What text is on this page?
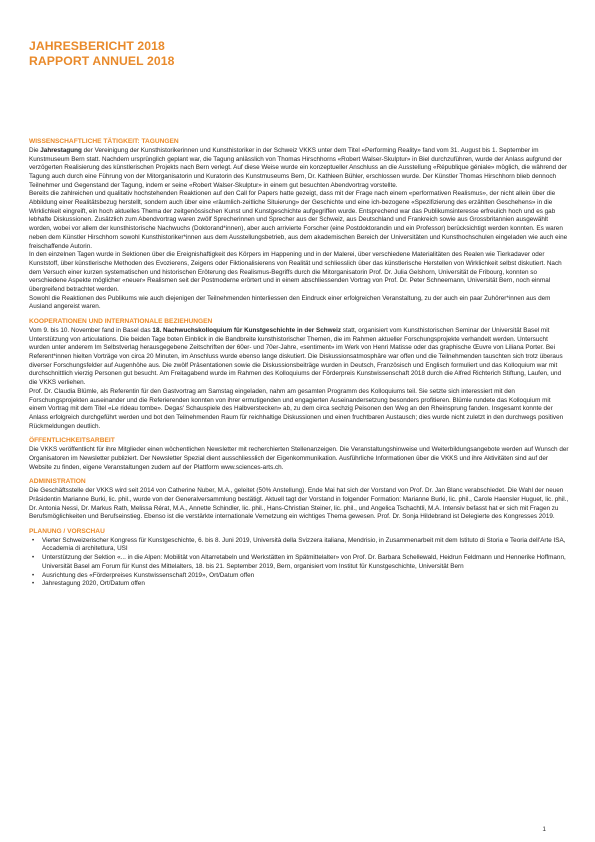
JAHRESBERICHT 2018
RAPPORT ANNUEL 2018
WISSENSCHAFTLICHE TÄTIGKEIT: TAGUNGEN

Die Jahrestagung der Vereinigung der Kunsthistorikerinnen und Kunsthistoriker in der Schweiz VKKS unter dem Titel «Performing Reality» fand vom 31. August bis 1. September im Kunstmuseum Bern statt. Nachdem ursprünglich geplant war, die Tagung anlässlich von Thomas Hirschhorns «Robert Walser-Skulptur» in Biel durchzuführen, wurde der Anlass aufgrund der verzögerten Realisierung des künstlerischen Projekts nach Bern verlegt. Auf diese Weise wurde ein konzeptueller Anschluss an die Ausstellung «République géniale» möglich, die während der Tagung auch durch eine Führung von der Mitorganisatorin und Kuratorin des Kunstmuseums Bern, Dr. Kathleen Bühler, erschlossen wurde. Der Künstler Thomas Hirschhorn blieb dennoch Teilnehmer und Gegenstand der Tagung, indem er seine «Robert Walser-Skulptur» in einem gut besuchten Abendvortrag vorstellte.

Bereits die zahlreichen und qualitativ hochstehenden Reaktionen auf den Call for Papers hatte gezeigt, dass mit der Frage nach einem «performativen Realismus», der nicht allein über die Abbildung einer Realitätsbezug herstellt, sondern auch über eine «räumlich-zeitliche Situierung» der Geschichte und eine ich-bezogene «Spezifizierung des erzählten Geschehens» in die Wirklichkeit eingreift, ein hoch aktuelles Thema der zeitgenössischen Kunst und Kunstgeschichte aufgegriffen wurde. Entsprechend war das Publikumsinteresse erfreulich hoch und es gab lebhafte Diskussionen. Zusätzlich zum Abendvortrag waren zwölf Sprecherinnen und Sprecher aus der Schweiz, aus Deutschland und Frankreich sowie aus Grossbritannien ausgewählt worden, wobei vor allem der kunsthistorische Nachwuchs (Doktorand*innen), aber auch arrivierte Forscher (eine Postdoktorandin und ein Professor) berücksichtigt werden konnten. Es waren neben dem Künstler Hirschhorn sowohl Kunsthistoriker*innen aus dem Ausstellungsbetrieb, aus dem akademischen Bereich der Universitäten und Kunsthochschulen eingeladen wie auch eine freischaffende Autorin.

In den einzelnen Tagen wurde in Sektionen über die Ereignishaftigkeit des Körpers im Happening und in der Malerei, über verschiedene Materialitäten des Realen wie Tierkadaver oder Kunststoff, über künstlerische Methoden des Evozierens, Zeigens oder Fiktionalisierens von Realität und schliesslich über das künstlerische Herstellen von Wirklichkeit selbst diskutiert. Nach dem Versuch einer kurzen systematischen und historischen Eröterung des Realismus-Begriffs durch die Mitorganisatorin Prof. Dr. Julia Gelshorn, Universität de Fribourg, konnten so verschiedene Aspekte möglicher «neuer» Realismen seit der Postmoderne erörtert und in einem abschliessenden Vortrag von Prof. Dr. Peter Schneemann, Universität Bern, noch einmal übergreifend betrachtet werden.

Sowohl die Reaktionen des Publikums wie auch diejenigen der Teilnehmenden hinterliessen den Eindruck einer erfolgreichen Veranstaltung, zu der auch ein paar Zuhörer*innen aus dem Ausland angereist waren.

KOOPERATIONEN UND INTERNATIONALE BEZIEHUNGEN

Vom 9. bis 10. November fand in Basel das 18. Nachwuchskolloquium für Kunstgeschichte in der Schweiz statt, organisiert vom Kunsthistorischen Seminar der Universität Basel mit Unterstützung von articulations. Die beiden Tage boten Einblick in die Bandbreite kunsthistorischer Themen, die im Rahmen aktueller Forschungsprojekte verhandelt werden. Untersucht wurden unter anderem Im Selbstverlag herausgegebene Zeitschriften der 60er- und 70er-Jahre, «sentiment» im Werk von Henri Matisse oder das graphische Œuvre von Liliana Porter. Bei Referent*innen hielten Vorträge von circa 20 Minuten, im Anschluss wurde ebenso lange diskutiert. Die Diskussionsatmosphäre war offen und die Teilnehmenden tauschten sich trotz überaus diverser Forschungsfelder auf Augenhöhe aus. Die zwölf Präsentationen sowie die Diskussionsbeiträge wurden in Deutsch, Französisch und Englisch formuliert und das Kolloquium war mit durchschnittlich vierzig Personen gut besucht. Am Freitagabend wurde im Rahmen des Kolloquiums der Förderpreis Kunstwissenschaft 2018 durch die Alfred Richterich Stiftung, Laufen, und die VKKS verliehen.

Prof. Dr. Claudia Blümle, als Referentin für den Gastvortrag am Samstag eingeladen, nahm am gesamten Programm des Kolloquiums teil. Sie setzte sich interessiert mit den Forschungsprojekten auseinander und die Referierenden konnten von ihrer ermutigenden und engagierten Auseinandersetzung besonders profitieren. Blümle rundete das Kolloquium mit einem Vortrag mit dem Titel «Le rideau tombe». Degas' Schauspiele des Halbverstecken» ab, zu dem circa sechzig Peisonen den Weg an den Rheinsprung fanden. Insgesamt konnte der Anlass erfolgreich durchgeführt werden und bot den Teilnehmenden Raum für reichhaltige Diskussionen und einen fruchtbaren Austausch; dies wurde nicht zuletzt in den durchwegs positiven Rückmeldungen deutlich.

ÖFFENTLICHKEITSARBEIT

Die VKKS veröffentlicht für ihre Mitglieder einen wöchentlichen Newsletter mit recherchierten Stellenanzeigen. Die Veranstaltungshinweise und Weiterbildungsangebote werden auf Wunsch der Organisatoren im Newsletter publiziert. Der Newsletter Spezial dient ausschliesslich der Eigenkommunikation. Ausführliche Informationen über die VKKS und ihre Aktivitäten sind auf der Website zu finden, eigene Veranstaltungen zudem auf der Plattform www.sciences-arts.ch.

ADMINISTRATION

Die Geschäftsstelle der VKKS wird seit 2014 von Catherine Nuber, M.A., geleitet (50% Anstellung). Ende Mai hat sich der Vorstand von Prof. Dr. Jan Blanc verabschiedet. Die Wahl der neuen Präsidentin Marianne Burki, lic. phil., wurde von der Generalversammlung bestätigt. Aktuell tagt der Vorstand in folgender Formation: Marianne Burki, lic. phil., Carole Haensler Huguet, lic. phil., Dr. Antonia Nessi, Dr. Markus Rath, Melissa Rérat, M.A., Annette Schindler, lic. phil., Hans-Christian Steiner, lic. phil., und Angelica Tschachtli, M.A. Intensiv befasst hat er sich mit Fragen zu Berufsmöglichkeiten und Berufseinstieg. Ebenso ist die verstärkte internationale Vernetzung ein wichtiges Thema gewesen. Prof. Dr. Sonja Hildebrand ist Delegierte des Kongresses 2019.

PLANUNG / VORSCHAU
• Vierter Schweizerischer Kongress für Kunstgeschichte, 6. bis 8. Juni 2019, Università della Svizzera italiana, Mendrisio, in Zusammenarbeit mit dem Istituto di Storia e Teoria dell'Arte ISA, Accademia di architettura, USI
• Unterstützung der Sektion «... in die Alpen: Mobilität von Altarretabeln und Werkstätten im Spätmittelalter» von Prof. Dr. Barbara Schellewald, Heidrun Feldmann und Hennerike Hoffmann, Universität Basel am Forum für Kunst des Mittelalters, 18. bis 21. September 2019, Bern, organisiert vom Institut für Kunstgeschichte, Universität Bern
• Ausrichtung des «Förderpreises Kunstwissenschaft 2019», Ort/Datum offen
• Jahrestagung 2020, Ort/Datum offen
1
